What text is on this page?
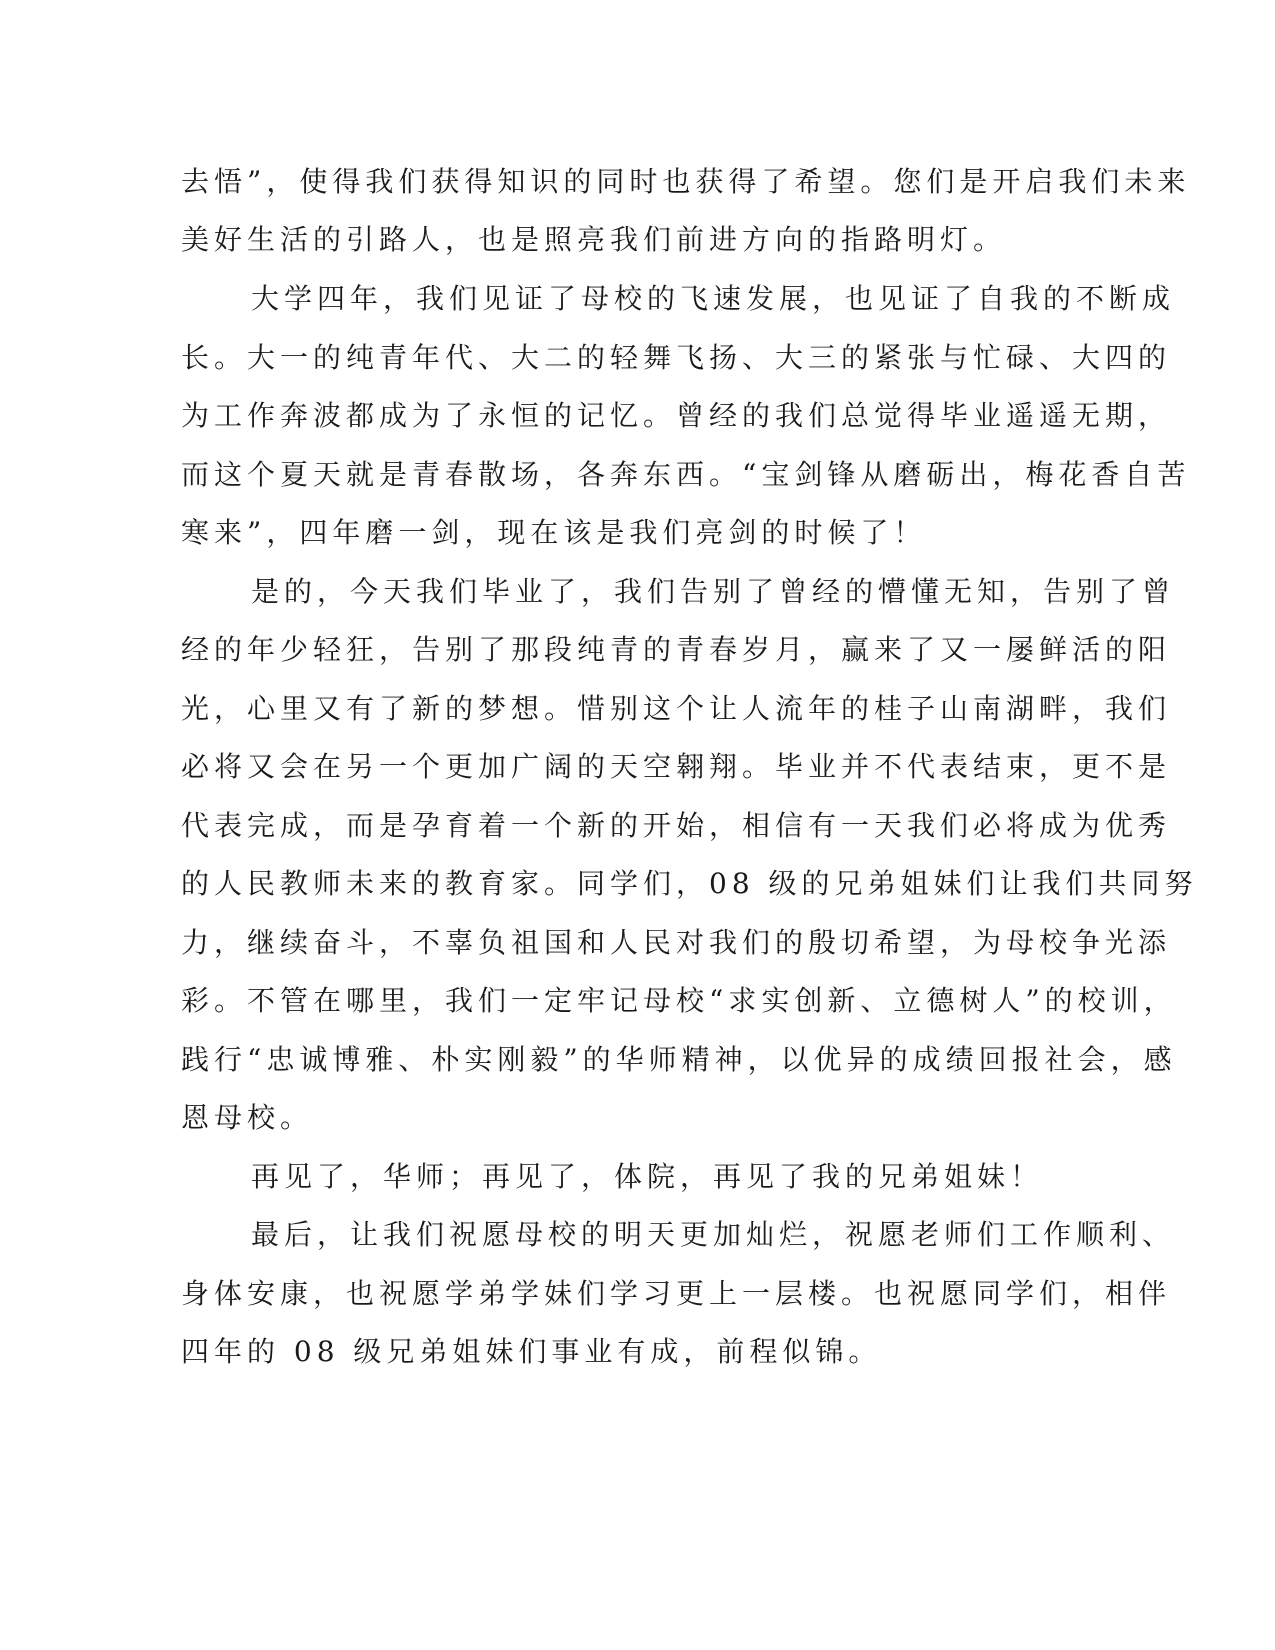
去悟”，使得我们获得知识的同时也获得了希望。您们是开启我们未来
美好生活的引路人，也是照亮我们前进方向的指路明灯。
大学四年，我们见证了母校的飞速发展，也见证了自我的不断成
长。大一的纯青年代、大二的轻舞飞扬、大三的紧张与忙碌、大四的
为工作奔波都成为了永恒的记忆。曾经的我们总觉得毕业遥遥无期，
而这个夏天就是青春散场，各奔东西。“宝剑锋从磨砺出，梅花香自苦
寒来”，四年磨一剑，现在该是我们亮剑的时候了！
是的，今天我们毕业了，我们告别了曾经的懵懂无知，告别了曾
经的年少轻狂，告别了那段纯青的青春岁月，赢来了又一屡鲜活的阳
光，心里又有了新的梦想。惜别这个让人流年的桂子山南湖畔，我们
必将又会在另一个更加广阔的天空翱翔。毕业并不代表结束，更不是
代表完成，而是孕育着一个新的开始，相信有一天我们必将成为优秀
的人民教师未来的教育家。同学们，08 级的兄弟姐妹们让我们共同努
力，继续奋斗，不辜负祖国和人民对我们的殷切希望，为母校争光添
彩。不管在哪里，我们一定牢记母校“求实创新、立德树人”的校训，
践行“忠诚博雅、朴实刚毅”的华师精神，以优异的成绩回报社会，感
恩母校。
再见了，华师；再见了，体院，再见了我的兄弟姐妹！
最后，让我们祝愿母校的明天更加灿烂，祝愿老师们工作顺利、
身体安康，也祝愿学弟学妹们学习更上一层楼。也祝愿同学们，相伴
四年的 08 级兄弟姐妹们事业有成，前程似锦。
